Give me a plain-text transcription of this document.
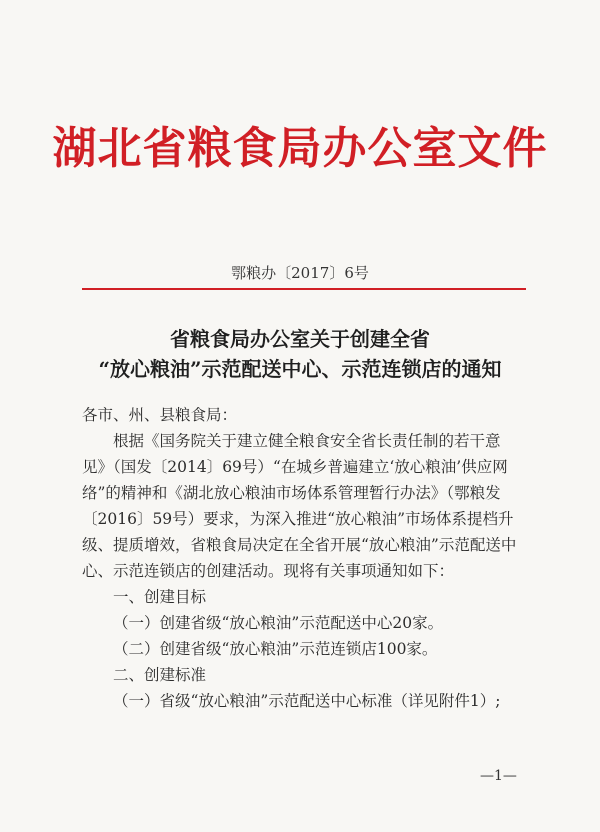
湖北省粮食局办公室文件
鄂粮办〔2017〕6号
省粮食局办公室关于创建全省
“放心粮油”示范配送中心、示范连锁店的通知

各市、州、县粮食局：

根据《国务院关于建立健全粮食安全省长责任制的若干意见》（国发〔2014〕69号）“在城乡普遍建立‘放心粮油’供应网络”的精神和《湖北放心粮油市场体系管理暂行办法》（鄂粮发〔2016〕59号）要求，为深入推进“放心粮油”市场体系提档升级、提质增效，省粮食局决定在全省开展“放心粮油”示范配送中心、示范连锁店的创建活动。现将有关事项通知如下：

一、创建目标

（一）创建省级“放心粮油”示范配送中心20家。

（二）创建省级“放心粮油”示范连锁店100家。

二、创建标准

（一）省级“放心粮油”示范配送中心标准（详见附件1）;

—1—
